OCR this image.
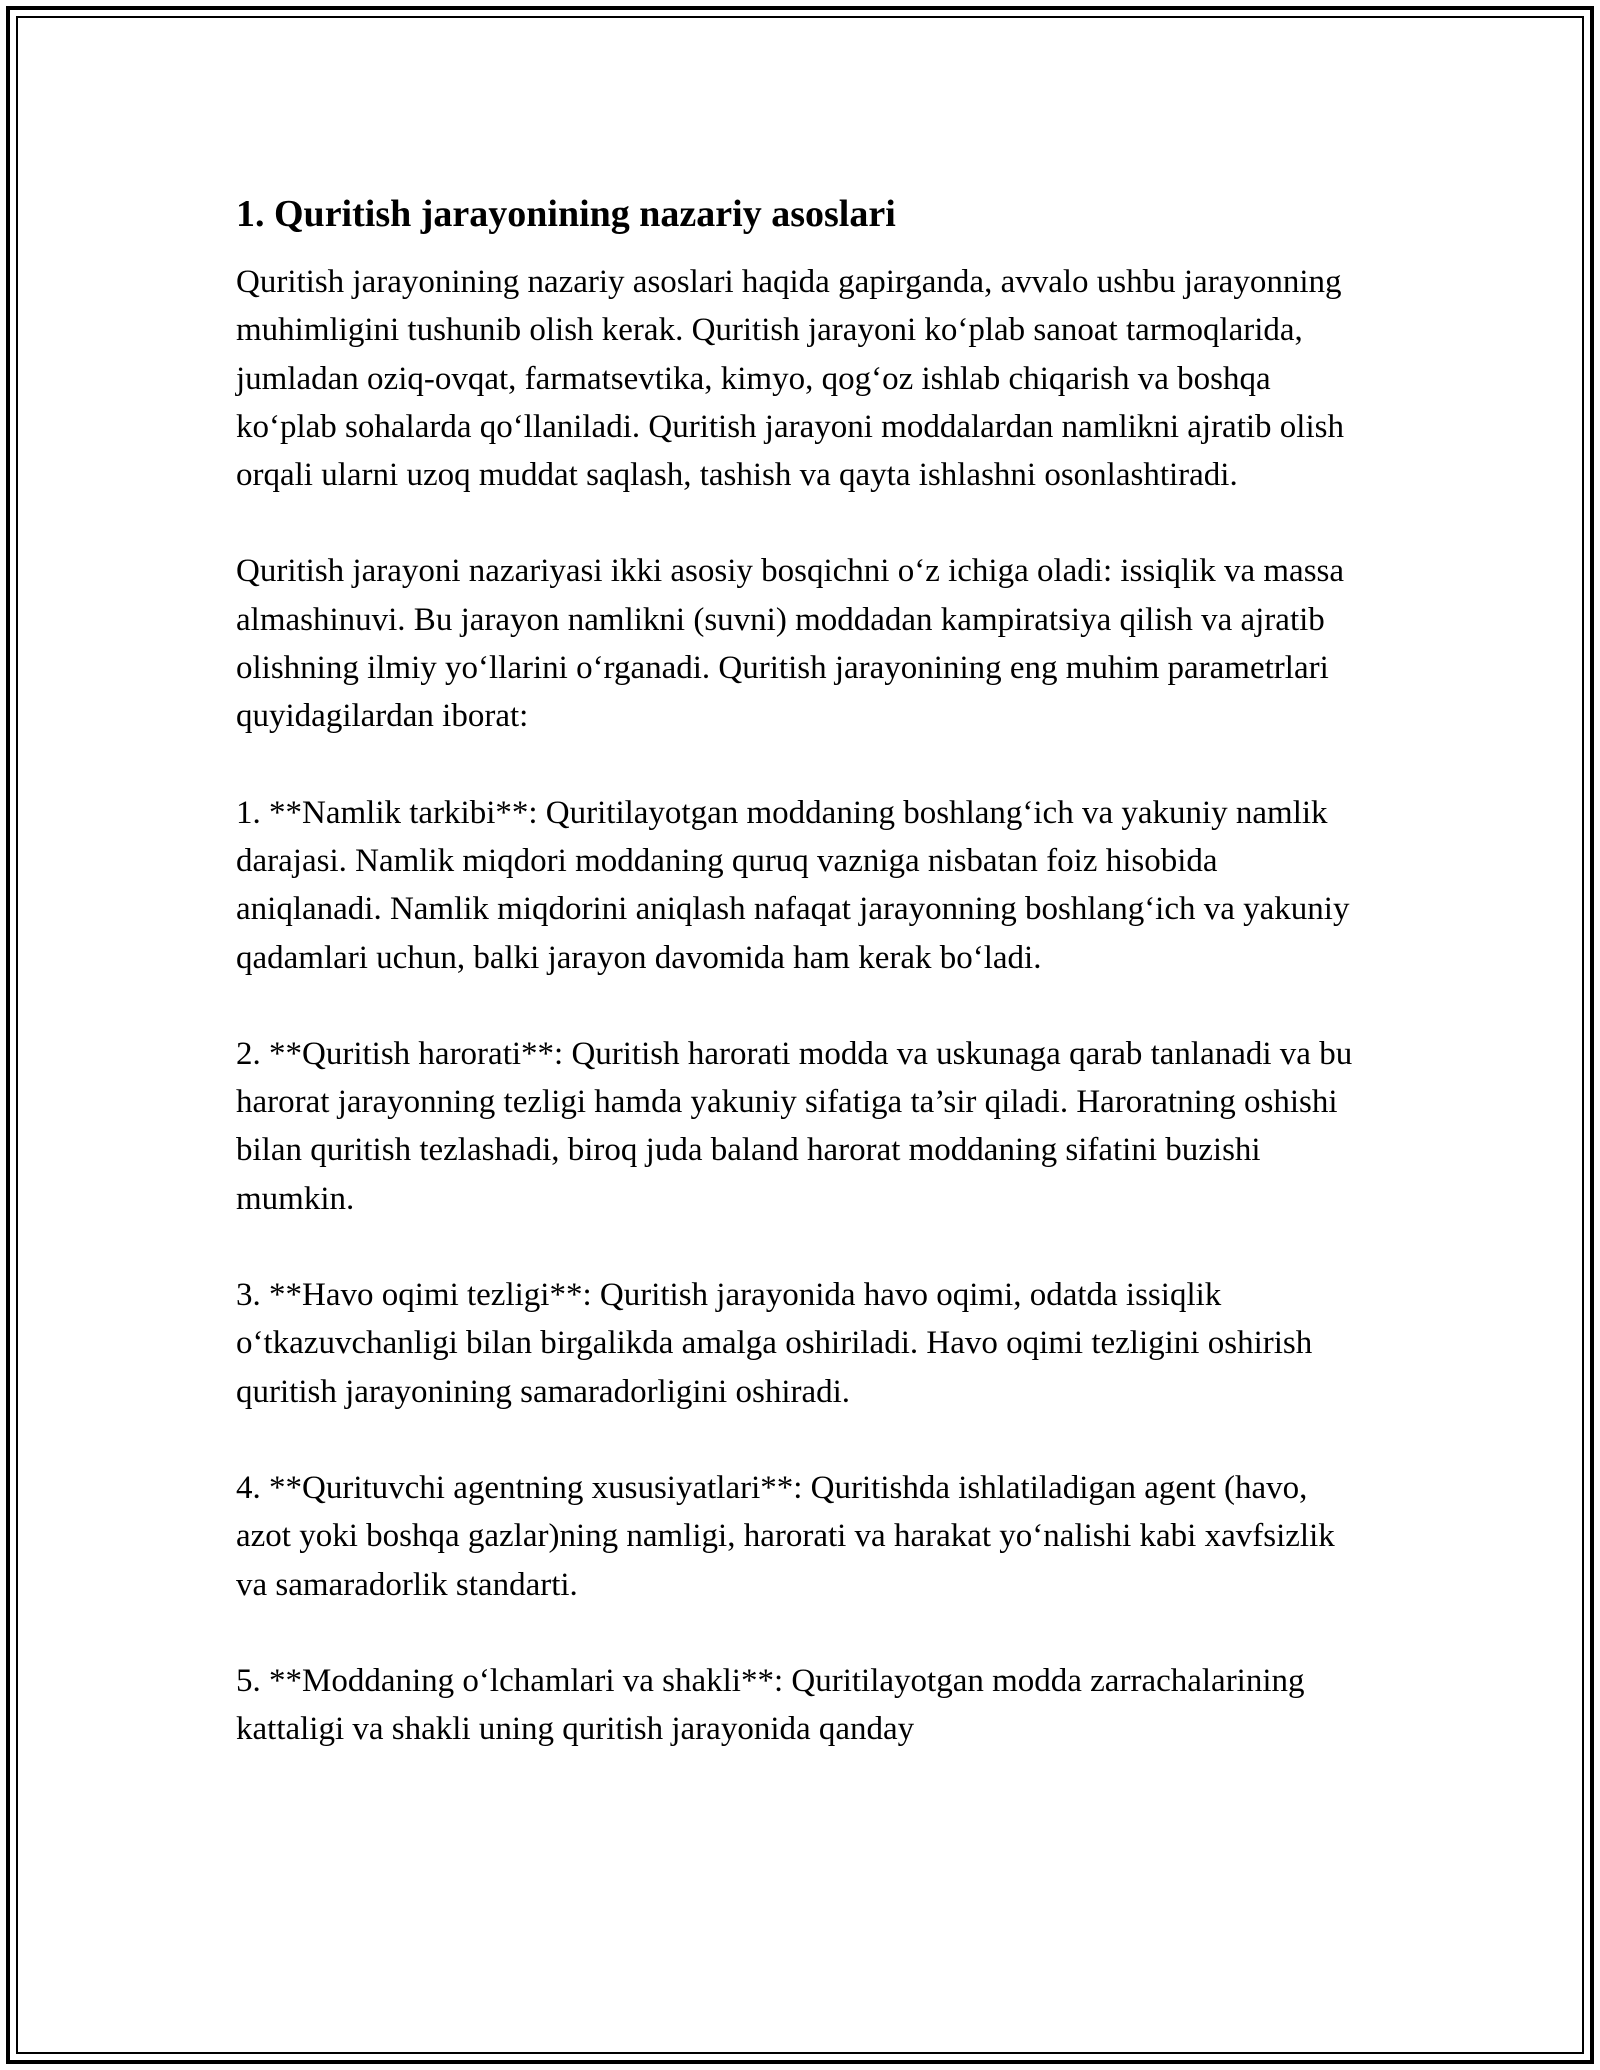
1. Quritish jarayonining nazariy asoslari

Quritish jarayonining nazariy asoslari haqida gapirganda, avvalo ushbu jarayonning muhimligini tushunib olish kerak. Quritish jarayoni ko‘plab sanoat tarmoqlarida, jumladan oziq-ovqat, farmatsevtika, kimyo, qog‘oz ishlab chiqarish va boshqa ko‘plab sohalarda qo‘llaniladi. Quritish jarayoni moddalardan namlikni ajratib olish orqali ularni uzoq muddat saqlash, tashish va qayta ishlashni osonlashtiradi.

Quritish jarayoni nazariyasi ikki asosiy bosqichni o‘z ichiga oladi: issiqlik va massa almashinuvi. Bu jarayon namlikni (suvni) moddadan kampiratsiya qilish va ajratib olishning ilmiy yo‘llarini o‘rganadi. Quritish jarayonining eng muhim parametrlari quyidagilardan iborat:

1. **Namlik tarkibi**: Quritilayotgan moddaning boshlang‘ich va yakuniy namlik darajasi. Namlik miqdori moddaning quruq vazniga nisbatan foiz hisobida aniqlanadi. Namlik miqdorini aniqlash nafaqat jarayonning boshlang‘ich va yakuniy qadamlari uchun, balki jarayon davomida ham kerak bo‘ladi.

2. **Quritish harorati**: Quritish harorati modda va uskunaga qarab tanlanadi va bu harorat jarayonning tezligi hamda yakuniy sifatiga ta’sir qiladi. Haroratning oshishi bilan quritish tezlashadi, biroq juda baland harorat moddaning sifatini buzishi mumkin.

3. **Havo oqimi tezligi**: Quritish jarayonida havo oqimi, odatda issiqlik o‘tkazuvchanligi bilan birgalikda amalga oshiriladi. Havo oqimi tezligini oshirish quritish jarayonining samaradorligini oshiradi.

4. **Qurituvchi agentning xususiyatlari**: Quritishda ishlatiladigan agent (havo, azot yoki boshqa gazlar)ning namligi, harorati va harakat yo‘nalishi kabi xavfsizlik va samaradorlik standarti.

5. **Moddaning o‘lchamlari va shakli**: Quritilayotgan modda zarrachalarining kattaligi va shakli uning quritish jarayonida qanday
